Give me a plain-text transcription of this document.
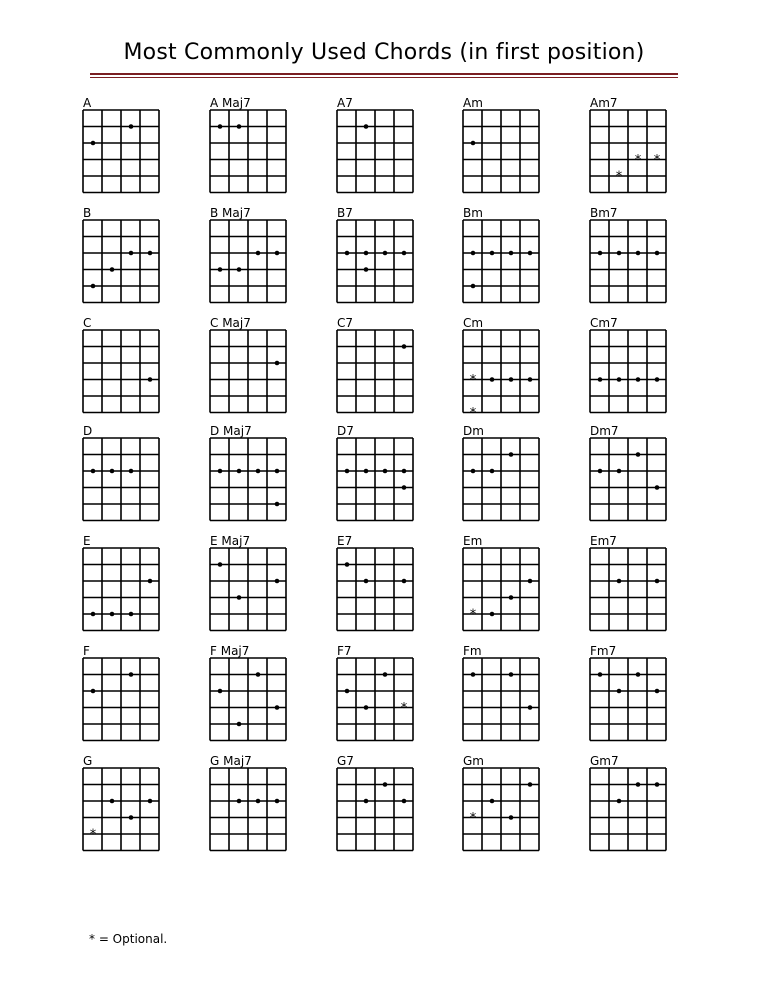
Most Commonly Used Chords (in first position)
A	A Maj7	A7	Am	Am7
* *
*
B	B Maj7	B7	Bm	Bm7
C	C Maj7	C7	Cm
*
*
Cm7
D	D Maj7	D7	Dm	Dm7
E	E Maj7	E7	Em
*
Em7
F	F Maj7	F7
*
Fm	Fm7
G
*
G Maj7	G7	Gm
*
Gm7
* = Optional.
